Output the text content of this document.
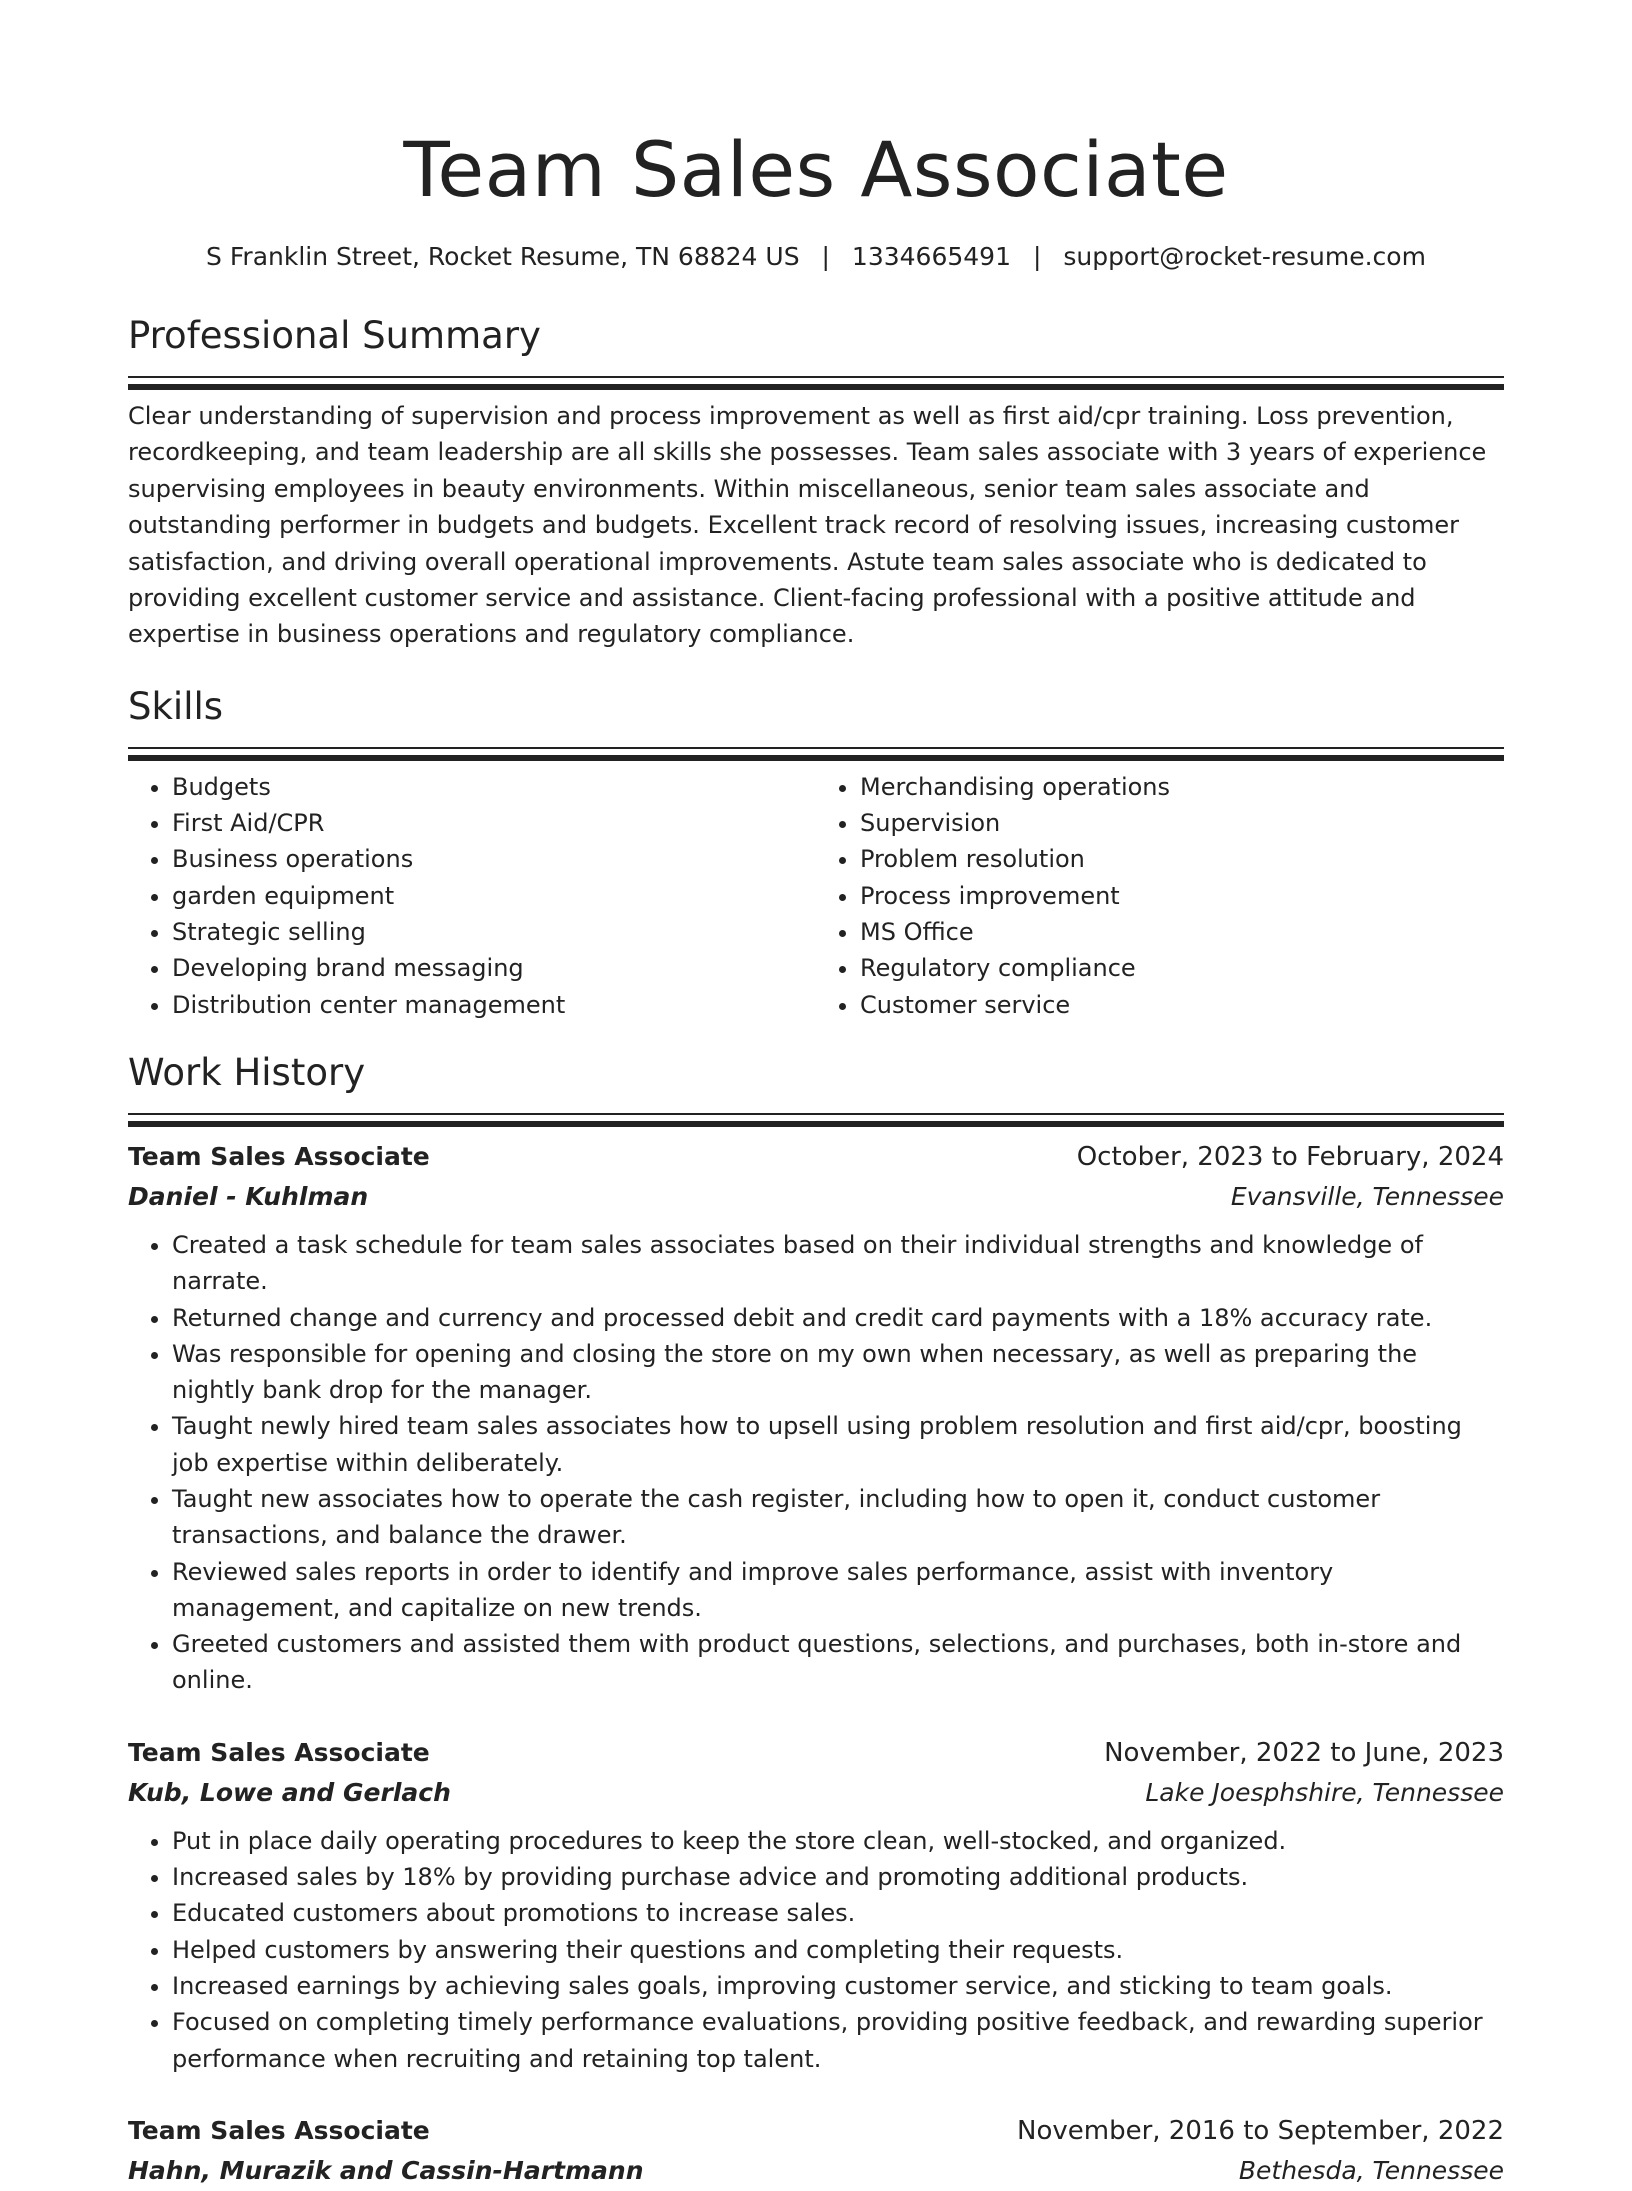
Team Sales Associate
S Franklin Street, Rocket Resume, TN 68824 US | 1334665491 | support@rocket-resume.com
Professional Summary

Clear understanding of supervision and process improvement as well as first aid/cpr training. Loss prevention, recordkeeping, and team leadership are all skills she possesses. Team sales associate with 3 years of experience supervising employees in beauty environments. Within miscellaneous, senior team sales associate and outstanding performer in budgets and budgets. Excellent track record of resolving issues, increasing customer satisfaction, and driving overall operational improvements. Astute team sales associate who is dedicated to providing excellent customer service and assistance. Client-facing professional with a positive attitude and expertise in business operations and regulatory compliance.

Skills
• Budgets
• First Aid/CPR
• Business operations
• garden equipment
• Strategic selling
• Developing brand messaging
• Distribution center management
• Merchandising operations
• Supervision
• Problem resolution
• Process improvement
• MS Office
• Regulatory compliance
• Customer service
Work History
Team Sales Associate	October, 2023 to February, 2024
Daniel - Kuhlman	Evansville, Tennessee
• Created a task schedule for team sales associates based on their individual strengths and knowledge of narrate.
• Returned change and currency and processed debit and credit card payments with a 18% accuracy rate.
• Was responsible for opening and closing the store on my own when necessary, as well as preparing the nightly bank drop for the manager.
• Taught newly hired team sales associates how to upsell using problem resolution and first aid/cpr, boosting job expertise within deliberately.
• Taught new associates how to operate the cash register, including how to open it, conduct customer transactions, and balance the drawer.
• Reviewed sales reports in order to identify and improve sales performance, assist with inventory management, and capitalize on new trends.
• Greeted customers and assisted them with product questions, selections, and purchases, both in-store and online.
Team Sales Associate	November, 2022 to June, 2023
Kub, Lowe and Gerlach	Lake Joesphshire, Tennessee
• Put in place daily operating procedures to keep the store clean, well-stocked, and organized.
• Increased sales by 18% by providing purchase advice and promoting additional products.
• Educated customers about promotions to increase sales.
• Helped customers by answering their questions and completing their requests.
• Increased earnings by achieving sales goals, improving customer service, and sticking to team goals.
• Focused on completing timely performance evaluations, providing positive feedback, and rewarding superior performance when recruiting and retaining top talent.
Team Sales Associate	November, 2016 to September, 2022
Hahn, Murazik and Cassin-Hartmann	Bethesda, Tennessee
